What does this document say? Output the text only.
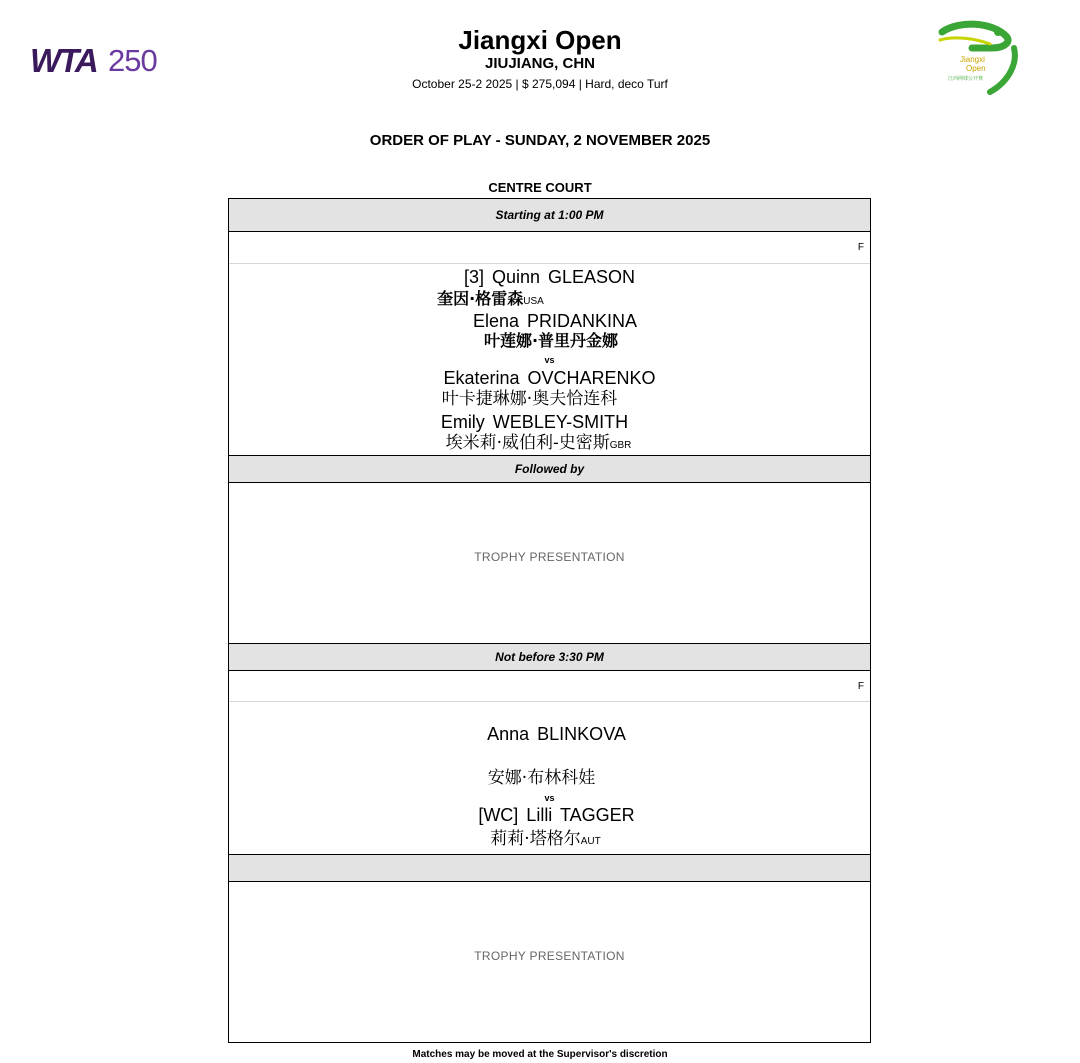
WTA 250
Jiangxi Open
JIUJIANG, CHN
October 25-2 2025 | $ 275,094 | Hard, deco Turf
Jiangxi
Open
江西网球公开赛
ORDER OF PLAY - SUNDAY, 2 NOVEMBER 2025
CENTRE COURT
Starting at 1:00 PM
F
[3] Quinn GLEASON
奎因·格雷森USA
Elena PRIDANKINA
叶莲娜·普里丹金娜
vs
Ekaterina OVCHARENKO
叶卡捷琳娜·奥夫恰连科
Emily WEBLEY-SMITH
埃米莉·威伯利-史密斯GBR
Followed by
TROPHY PRESENTATION
Not before 3:30 PM
F
Anna BLINKOVA
安娜·布林科娃
vs
[WC] Lilli TAGGER
莉莉·塔格尔AUT
TROPHY PRESENTATION
Matches may be moved at the Supervisor's discretion
